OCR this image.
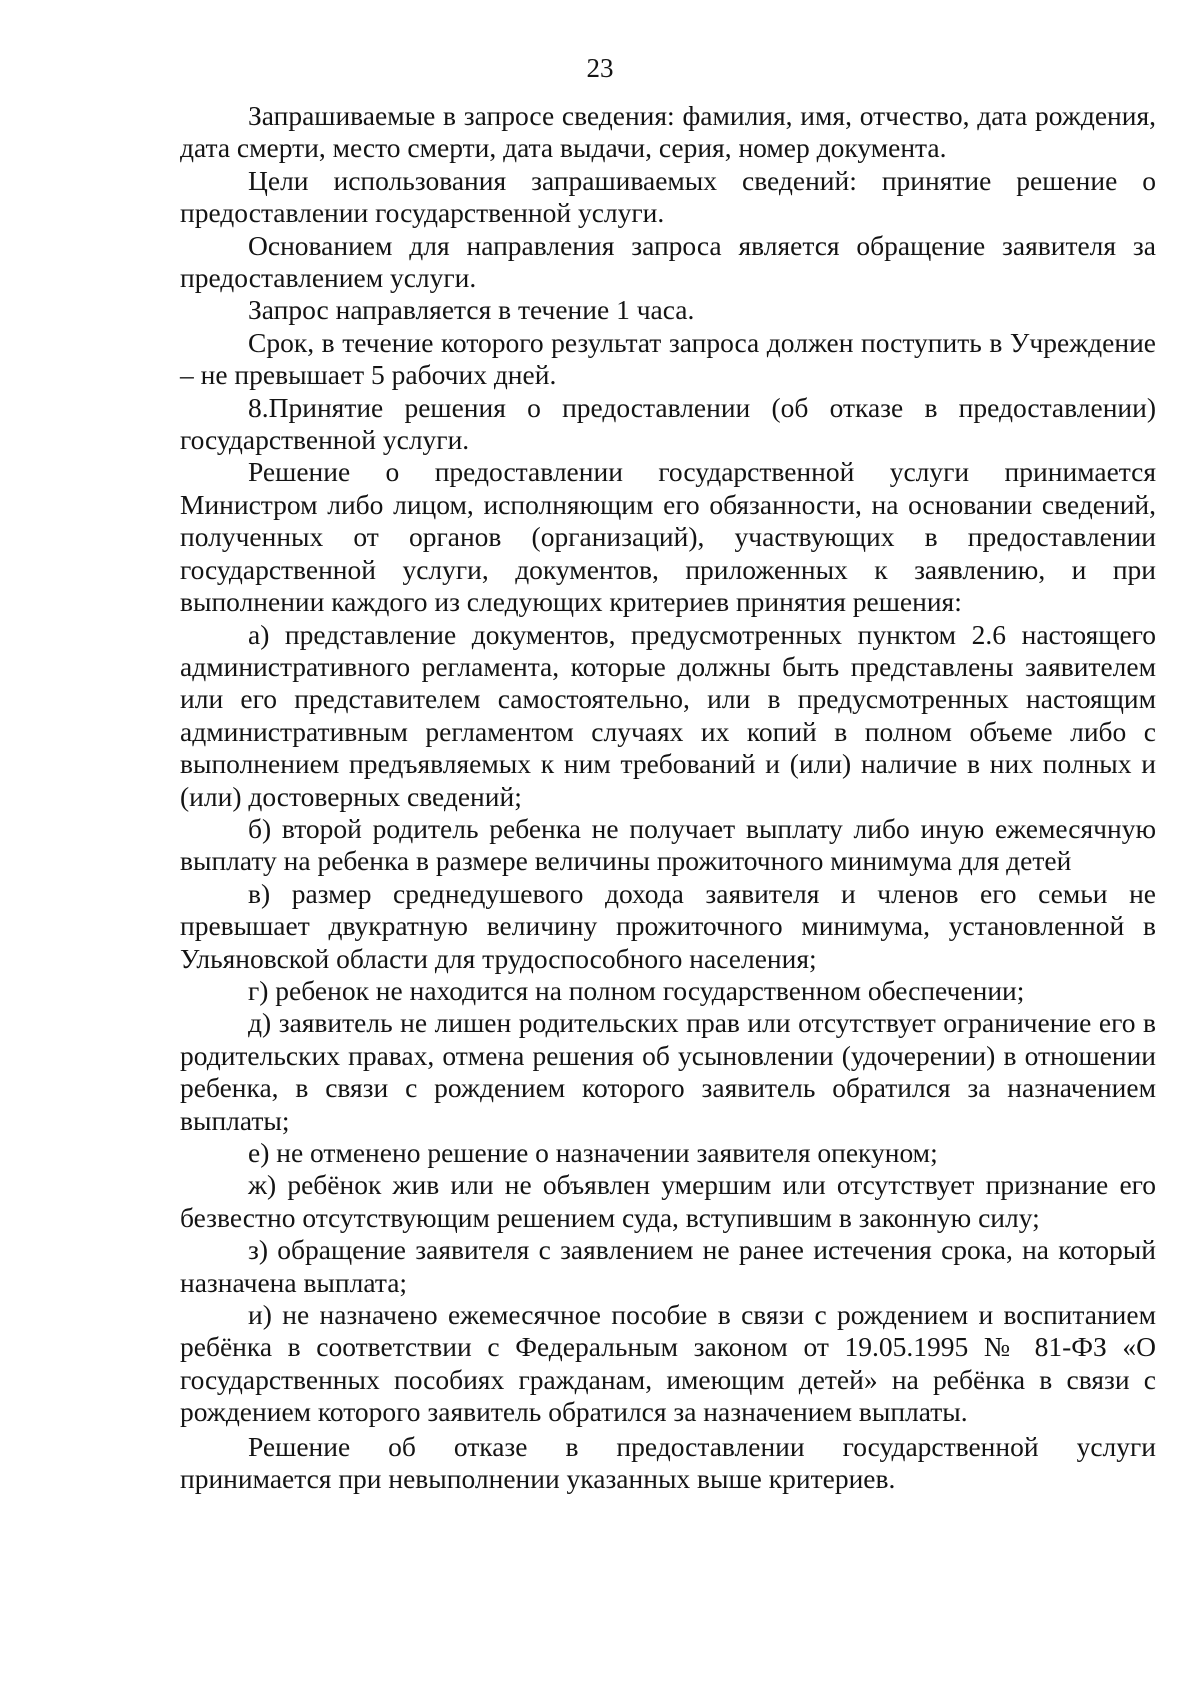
23

Запрашиваемые в запросе сведения: фамилия, имя, отчество, дата рождения, дата смерти, место смерти, дата выдачи, серия, номер документа.

Цели использования запрашиваемых сведений: принятие решение о предоставлении государственной услуги.

Основанием для направления запроса является обращение заявителя за предоставлением услуги.

Запрос направляется в течение 1 часа.

Срок, в течение которого результат запроса должен поступить в Учреждение – не превышает 5 рабочих дней.

8.Принятие решения о предоставлении (об отказе в предоставлении) государственной услуги.

Решение о предоставлении государственной услуги принимается Министром либо лицом, исполняющим его обязанности, на основании сведений, полученных от органов (организаций), участвующих в предоставлении государственной услуги, документов, приложенных к заявлению, и при выполнении каждого из следующих критериев принятия решения:

а) представление документов, предусмотренных пунктом 2.6 настоящего административного регламента, которые должны быть представлены заявителем или его представителем самостоятельно, или в предусмотренных настоящим административным регламентом случаях их копий в полном объеме либо с выполнением предъявляемых к ним требований и (или) наличие в них полных и (или) достоверных сведений;

б) второй родитель ребенка не получает выплату либо иную ежемесячную выплату на ребенка в размере величины прожиточного минимума для детей

в) размер среднедушевого дохода заявителя и членов его семьи не превышает двукратную величину прожиточного минимума, установленной в Ульяновской области для трудоспособного населения;

г) ребенок не находится на полном государственном обеспечении;

д) заявитель не лишен родительских прав или отсутствует ограничение его в родительских правах, отмена решения об усыновлении (удочерении) в отношении ребенка, в связи с рождением которого заявитель обратился за назначением выплаты;

е) не отменено решение о назначении заявителя опекуном;

ж) ребёнок жив или не объявлен умершим или отсутствует признание его безвестно отсутствующим решением суда, вступившим в законную силу;

з) обращение заявителя с заявлением не ранее истечения срока, на который назначена выплата;

и) не назначено ежемесячное пособие в связи с рождением и воспитанием ребёнка в соответствии с Федеральным законом от 19.05.1995 № 81-ФЗ «О государственных пособиях гражданам, имеющим детей» на ребёнка в связи с рождением которого заявитель обратился за назначением выплаты.

Решение об отказе в предоставлении государственной услуги
принимается при невыполнении указанных выше критериев.
